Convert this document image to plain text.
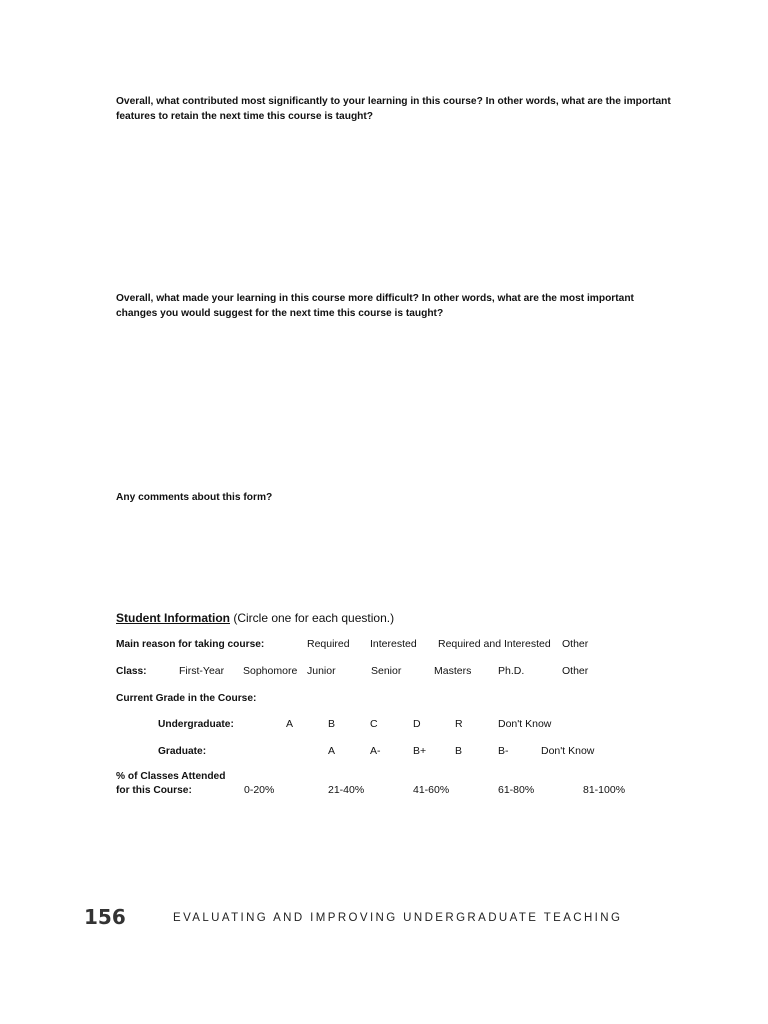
Overall, what contributed most significantly to your learning in this course? In other words, what are the important features to retain the next time this course is taught?
Overall, what made your learning in this course more difficult? In other words, what are the most important changes you would suggest for the next time this course is taught?
Any comments about this form?
Student Information (Circle one for each question.)
Main reason for taking course:	Required Interested Required and Interested Other
Class:	First-Year Sophomore Junior	Senior	Masters	Ph.D.	Other
Current Grade in the Course:
Undergraduate:	A	B	C	D	R	Don't Know
Graduate:	A	A-	B+	B	B-	Don't Know
% of Classes Attended
for this Course:	0-20%	21-40%	41-60%	61-80%	81-100%
156	EVALUATING AND IMPROVING UNDERGRADUATE TEACHING
